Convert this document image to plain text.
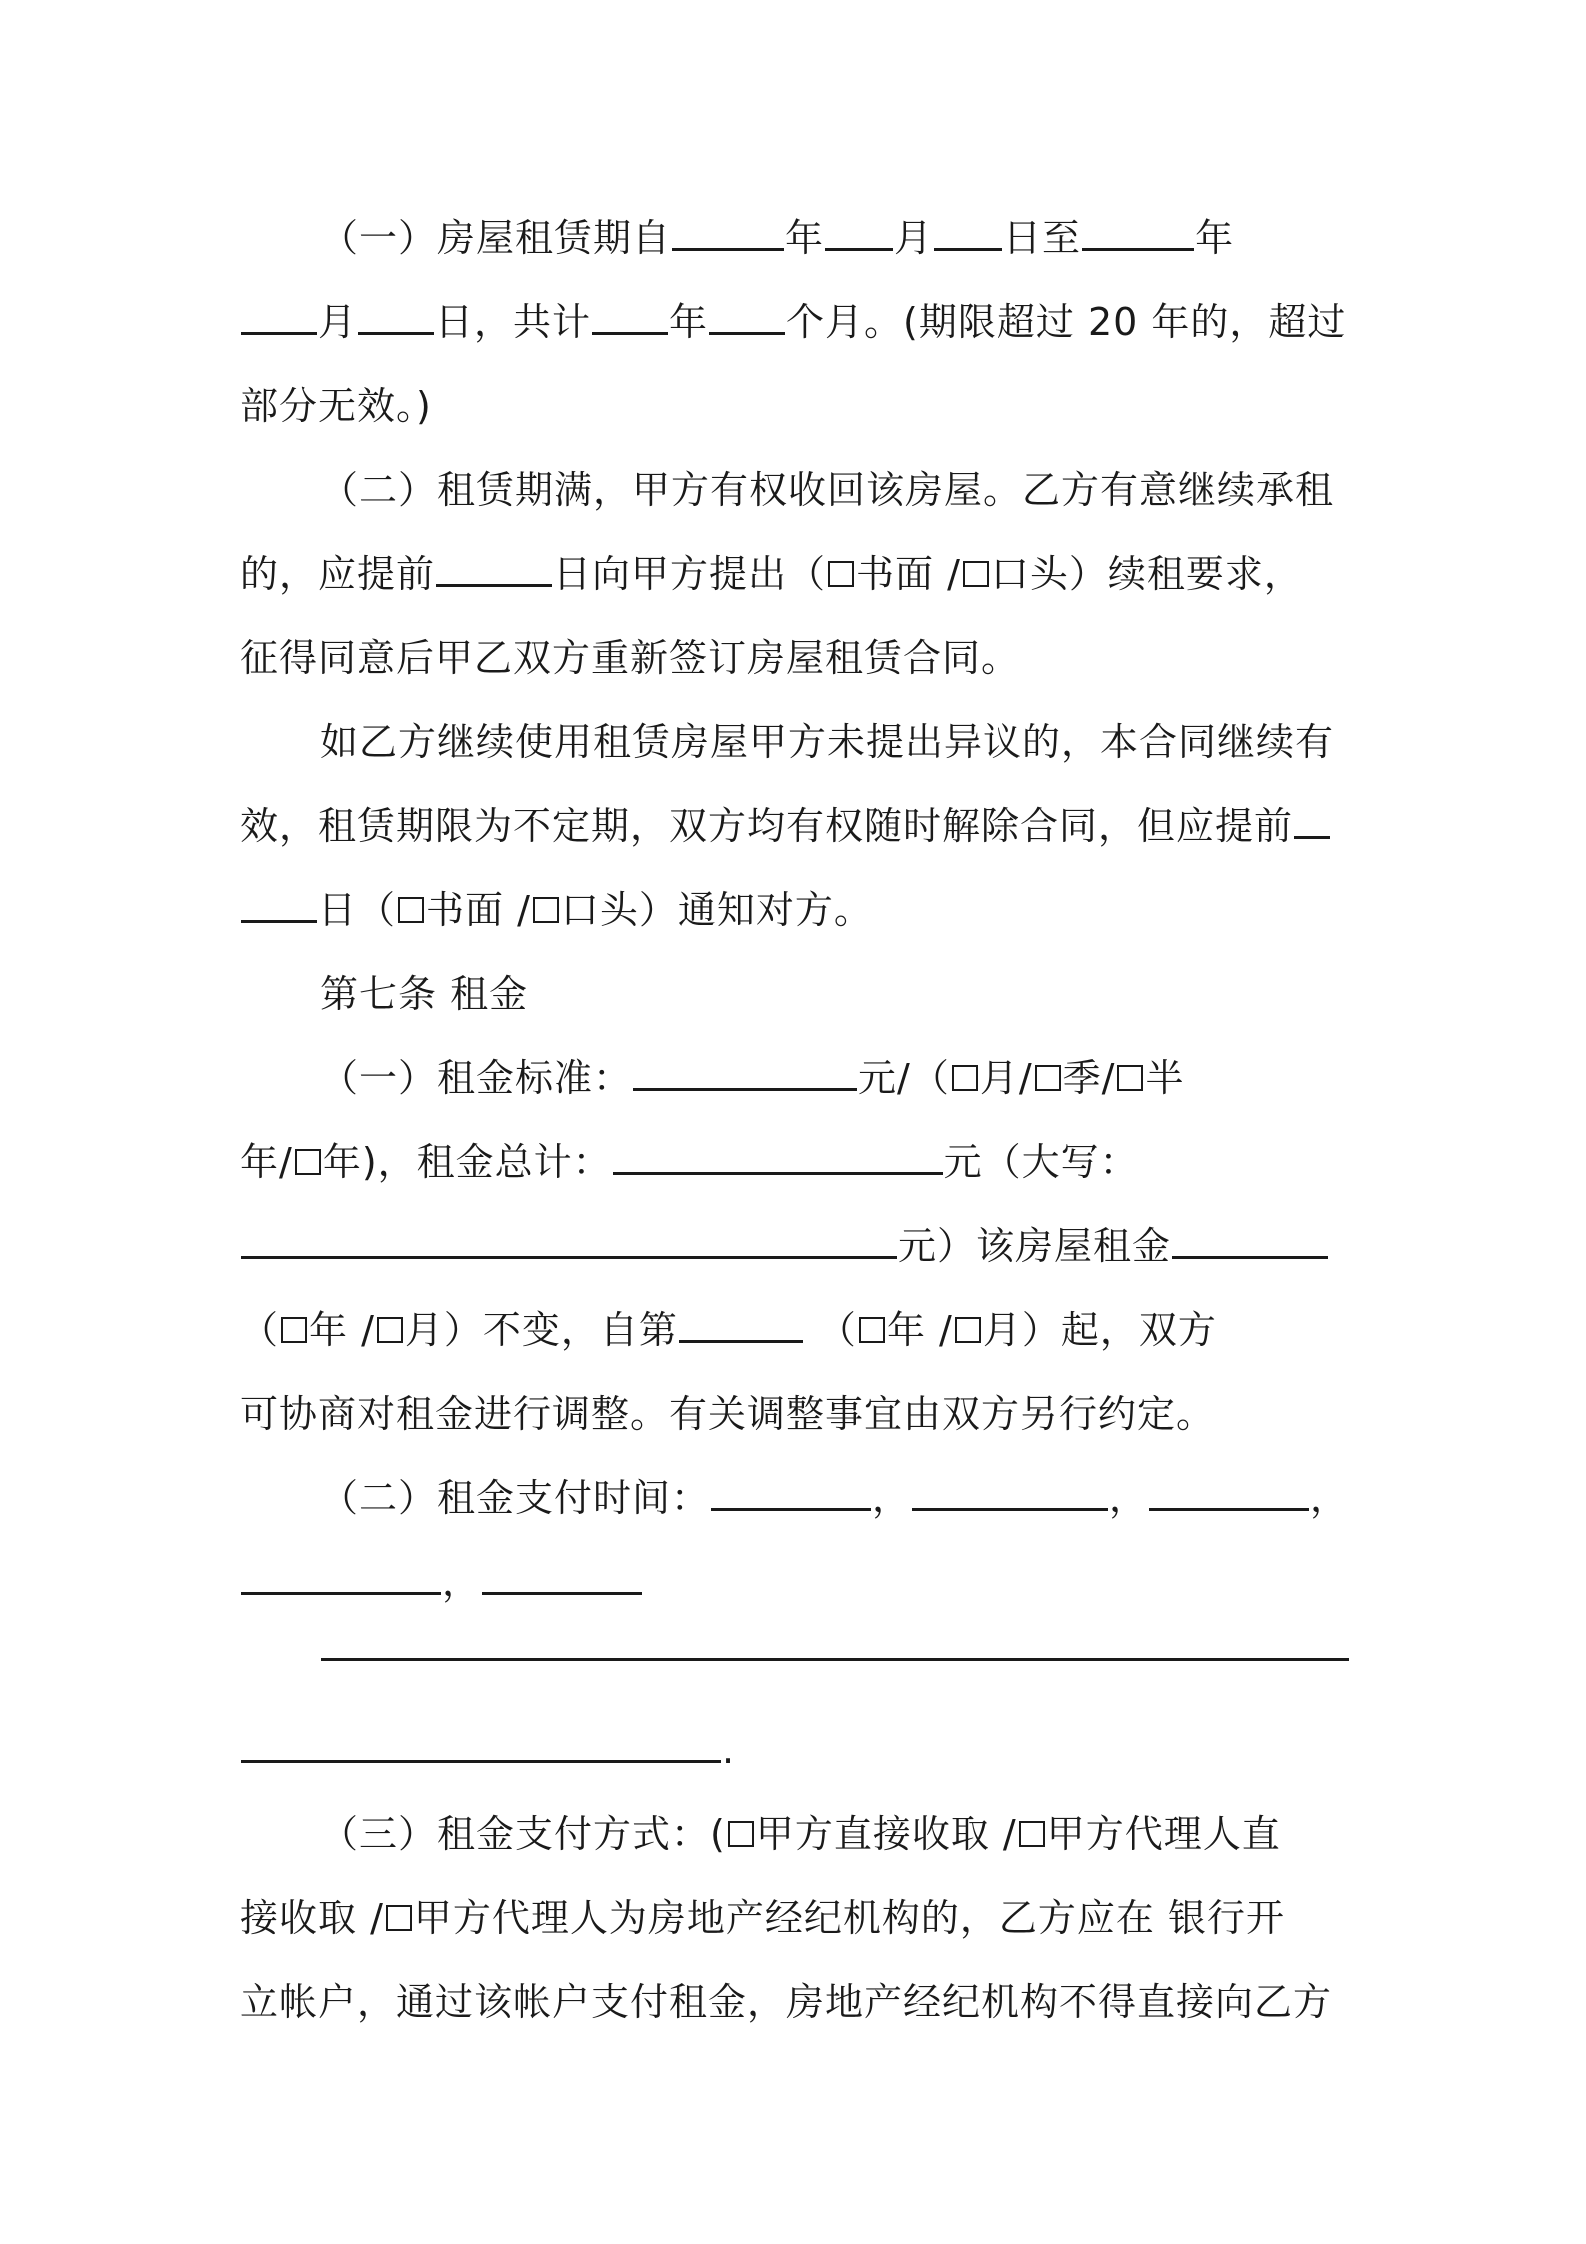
（一）房屋租赁期自	年 月 日至	年
月 日，共计 年 个月。(期限超过 20 年的，超过
部分无效。)
（二）租赁期满，甲方有权收回该房屋。乙方有意继续承租
的，应提前	日向甲方提出（ 书面 / 口头）续租要求，
征得同意后甲乙双方重新签订房屋租赁合同。
如乙方继续使用租赁房屋甲方未提出异议的，本合同继续有
效，租赁期限为不定期，双方均有权随时解除合同，但应提前
日（ 书面 / 口头）通知对方。
第七条 租金
（一）租金标准：	元/（ 月/ 季/ 半
年/ 年)，租金总计：	元（大写：
元）该房屋租金
（ 年 / 月）不变，自第	（ 年 / 月）起，双方
可协商对租金进行调整。有关调整事宜由双方另行约定。
（二）租金支付时间：	，	，	，
，
.
（三）租金支付方式：( 甲方直接收取 / 甲方代理人直
接收取 / 甲方代理人为房地产经纪机构的，乙方应在 银行开
立帐户，通过该帐户支付租金，房地产经纪机构不得直接向乙方
